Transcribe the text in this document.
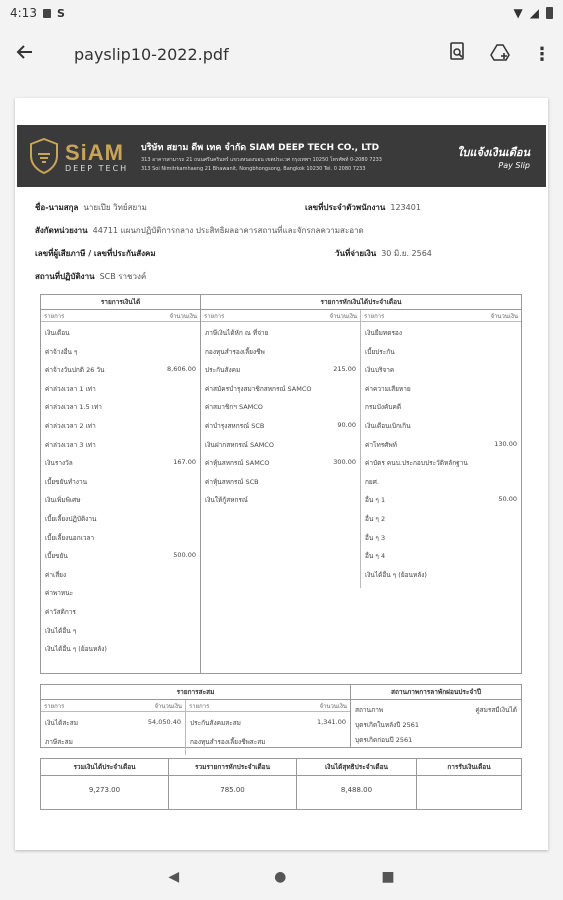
4:13 S	▼ ◢
payslip10-2022.pdf	⋮
SiAM
DEEP TECH
บริษัท สยาม ดีพ เทค จำกัด SIAM DEEP TECH CO., LTD
313 อาคารสามารถ 21 ถนนศรีนครินทร์ แขวงหนองบอน เขตประเวศ กรุงเทพฯ 10250 โทรศัพท์ 0-2080 7233
313 Soi Nimitrkamhaeng 21 Bhawanit, Nongbhongsong, Bangkok 10230 Tel. 0 2080 7233
ใบแจ้งเงินเดือน
Pay Slip
ชื่อ-นามสกุล นายเปีย วิทย์สยาม	เลขที่ประจำตัวพนักงาน 123401
สังกัดหน่วยงาน 44711 แผนกปฏิบัติการกลาง ประสิทธิผลอาคารสถานที่และจักรกลความสะอาด
เลขที่ผู้เสียภาษี / เลขที่ประกันสังคม	วันที่จ่ายเงิน 30 มิ.ย. 2564
สถานที่ปฏิบัติงาน SCB ราชวงค์
รายการเงินได้
รายการ	จำนวนเงิน
เงินเดือน
ค่าจ้างอื่น ๆ
ค่าจ้างวันปกติ 26 วัน	8,606.00
ค่าล่วงเวลา 1 เท่า
ค่าล่วงเวลา 1.5 เท่า
ค่าล่วงเวลา 2 เท่า
ค่าล่วงเวลา 3 เท่า
เงินรางวัล	167.00
เบี้ยขยันทำงาน
เงินเพิ่มพิเศษ
เบี้ยเลี้ยงปฏิบัติงาน
เบี้ยเลี้ยงนอกเวลา
เบี้ยขยัน	500.00
ค่าเสี่ยง
ค่าพาหนะ
ค่าวัสดิการ
เงินได้อื่น ๆ
เงินได้อื่น ๆ (ย้อนหลัง)
รายการหักเงินได้ประจำเดือน
รายการ	จำนวนเงิน
ภาษีเงินได้หัก ณ ที่จ่าย
กองทุนสำรองเลี้ยงชีพ
ประกันสังคม	215.00
ค่าสมัครบำรุงสมาชิกสหกรณ์ SAMCO
ค่าสมาชิกฯ SAMCO
ค่าบำรุงสหกรณ์ SCB	90.00
เงินฝากสหกรณ์ SAMCO
ค่าหุ้นสหกรณ์ SAMCO	300.00
ค่าหุ้นสหกรณ์ SCB
เงินให้กู้สหกรณ์
รายการ	จำนวนเงิน
เงินยืมทดรอง
เบี้ยประกัน
เงินบริจาค
ค่าความเสียหาย
กรมบังคับคดี
เงินเดือนเบิกเกิน
ค่าโทรศัพท์	130.00
ค่าบัตร คนบ.ประกอบประวัติหลักฐาน
กยศ.
อื่น ๆ 1	50.00
อื่น ๆ 2
อื่น ๆ 3
อื่น ๆ 4
เงินได้อื่น ๆ (ย้อนหลัง)
รายการสะสม
รายการ	จำนวนเงิน
เงินได้สะสม	54,050.40
ภาษีสะสม
รายการ	จำนวนเงิน
ประกันสังคมสะสม	1,341.00
กองทุนสำรองเลี้ยงชีพสะสม
สถานภาพการลาพักผ่อนประจำปี
สถานภาพ	คู่สมรสมีเงินได้
บุตรเกิดในหลังปี 2561
บุตรเกิดก่อนปี 2561
รวมเงินได้ประจำเดือน
9,273.00
รวมรายการหักประจำเดือน
785.00
เงินได้สุทธิประจำเดือน
8,488.00
การรับเงินเดือน
◀	●	■
